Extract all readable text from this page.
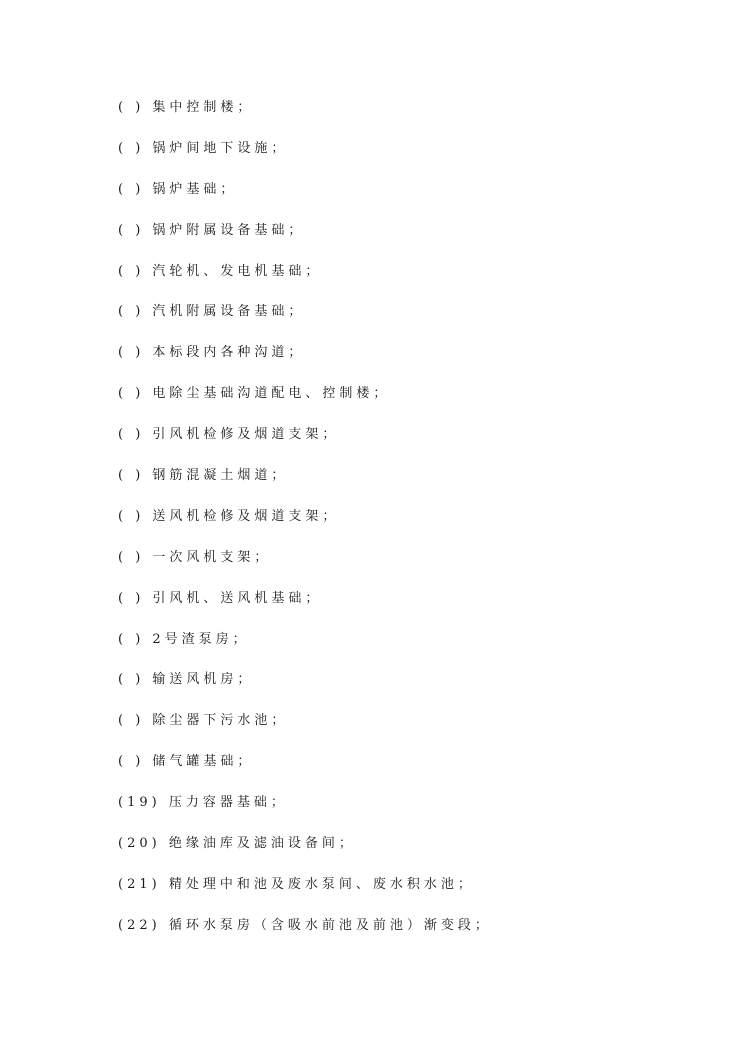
( ) 集中控制楼；
( ) 锅炉间地下设施；
( ) 锅炉基础；
( ) 锅炉附属设备基础；
( ) 汽轮机、发电机基础；
( ) 汽机附属设备基础；
( ) 本标段内各种沟道；
( ) 电除尘基础沟道配电、控制楼；
( ) 引风机检修及烟道支架；
( ) 钢筋混凝土烟道；
( ) 送风机检修及烟道支架；
( ) 一次风机支架；
( ) 引风机、送风机基础；
( ) 2号渣泵房；
( ) 输送风机房；
( ) 除尘器下污水池；
( ) 储气罐基础；
(19) 压力容器基础；
(20) 绝缘油库及滤油设备间；
(21) 精处理中和池及废水泵间、废水积水池；
(22) 循环水泵房（含吸水前池及前池）渐变段；
